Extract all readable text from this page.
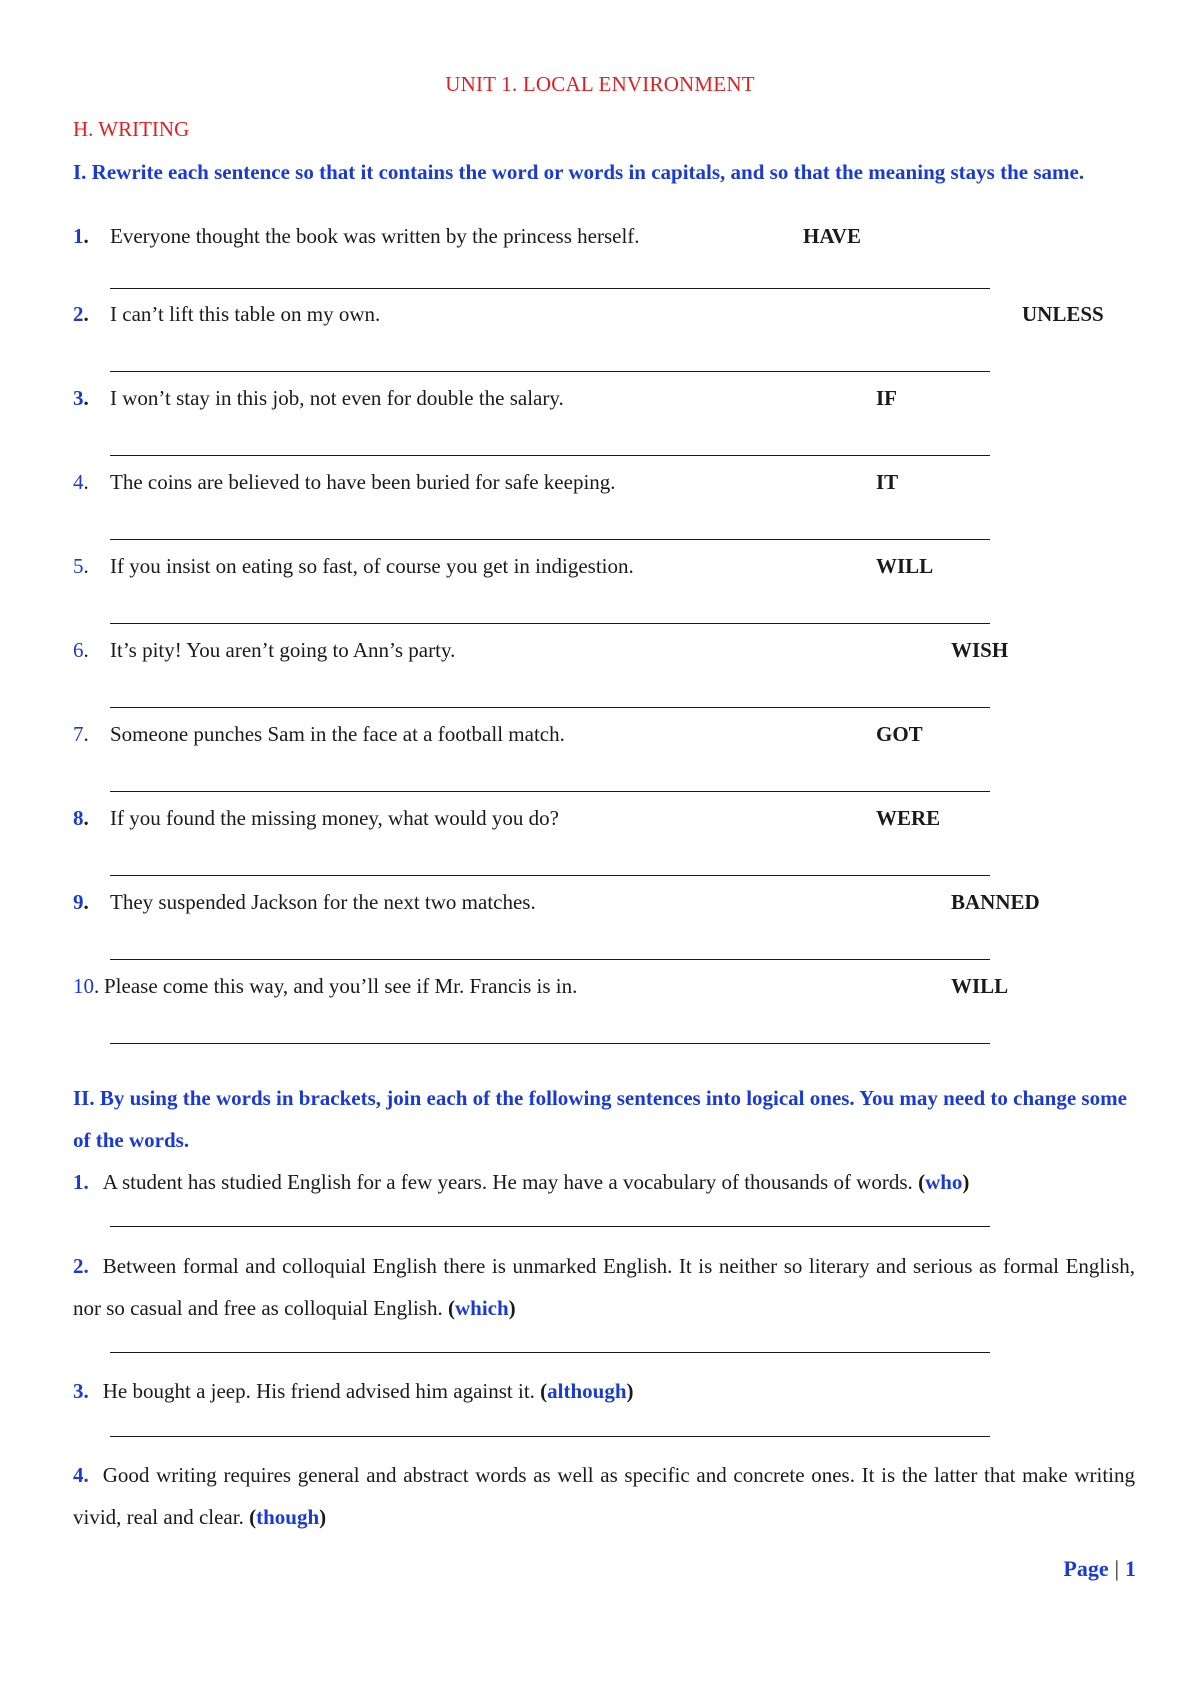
UNIT 1. LOCAL ENVIRONMENT
H. WRITING
I. Rewrite each sentence so that it contains the word or words in capitals, and so that the meaning stays the same.
1. Everyone thought the book was written by the princess herself.	HAVE
2. I can’t lift this table on my own.	UNLESS
3. I won’t stay in this job, not even for double the salary.	IF
4. The coins are believed to have been buried for safe keeping.	IT
5. If you insist on eating so fast, of course you get in indigestion.	WILL
6. It’s pity! You aren’t going to Ann’s party.	WISH
7. Someone punches Sam in the face at a football match.	GOT
8. If you found the missing money, what would you do?	WERE
9. They suspended Jackson for the next two matches.	BANNED
10. Please come this way, and you’ll see if Mr. Francis is in.	WILL
II. By using the words in brackets, join each of the following sentences into logical ones. You may need to change some of the words.
1. A student has studied English for a few years. He may have a vocabulary of thousands of words. (who)
2. Between formal and colloquial English there is unmarked English. It is neither so literary and serious as formal English, nor so casual and free as colloquial English. (which)
3. He bought a jeep. His friend advised him against it. (although)
4. Good writing requires general and abstract words as well as specific and concrete ones. It is the latter that make writing vivid, real and clear. (though)
Page | 1
